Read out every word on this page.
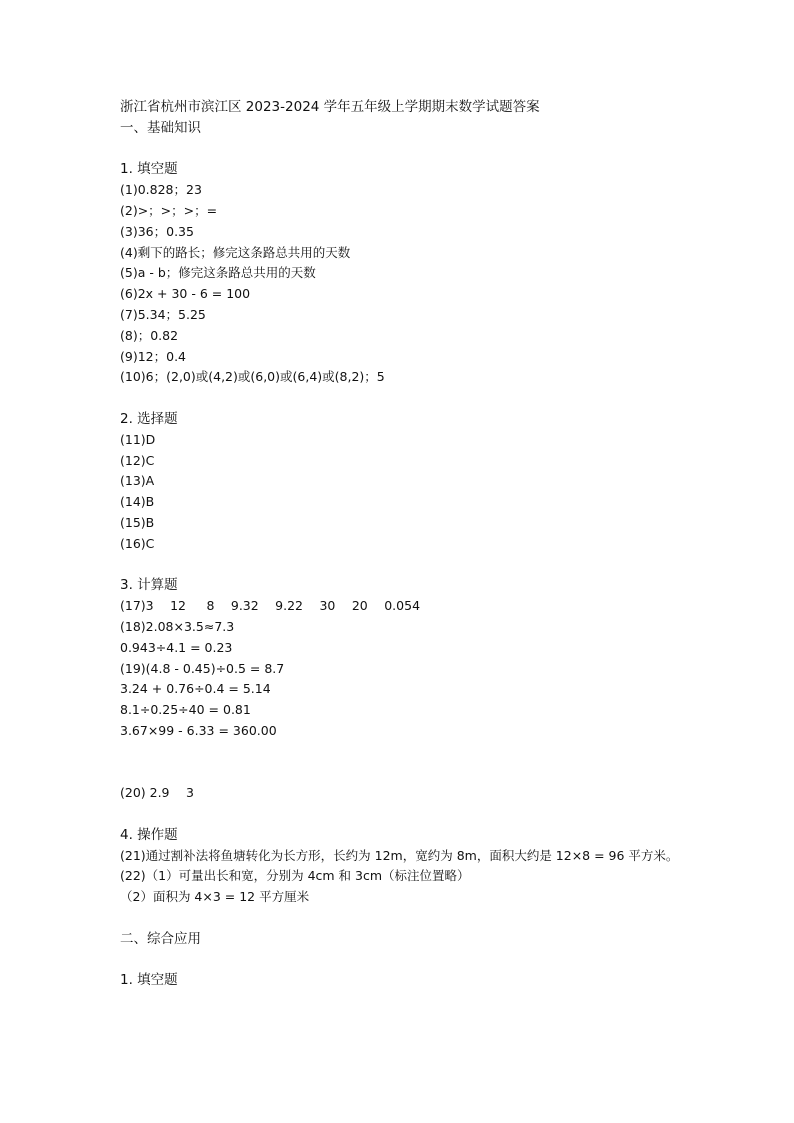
浙江省杭州市滨江区 2023-2024 学年五年级上学期期末数学试题答案

一、基础知识

1. 填空题

(1)0.828；23

(2)>；>；>；=

(3)36；0.35

(4)剩下的路长；修完这条路总共用的天数

(5)a - b；修完这条路总共用的天数

(6)2x + 30 - 6 = 100

(7)5.34；5.25

(8)；0.82

(9)12；0.4

(10)6；(2,0)或(4,2)或(6,0)或(6,4)或(8,2)；5

2. 选择题

(11)D

(12)C

(13)A

(14)B

(15)B

(16)C

3. 计算题

(17)3　 12 　 8 　9.32　 9.22 　30　 20　 0.054

(18)2.08×3.5≈7.3

0.943÷4.1 = 0.23

(19)(4.8 - 0.45)÷0.5 = 8.7

3.24 + 0.76÷0.4 = 5.14

8.1÷0.25÷40 = 0.81

3.67×99 - 6.33 = 360.00

(20) 2.9　 3

4. 操作题

(21)通过割补法将鱼塘转化为长方形，长约为 12m，宽约为 8m，面积大约是 12×8 = 96 平方米。

(22)（1）可量出长和宽，分别为 4cm 和 3cm（标注位置略）

（2）面积为 4×3 = 12 平方厘米

二、综合应用

1. 填空题
